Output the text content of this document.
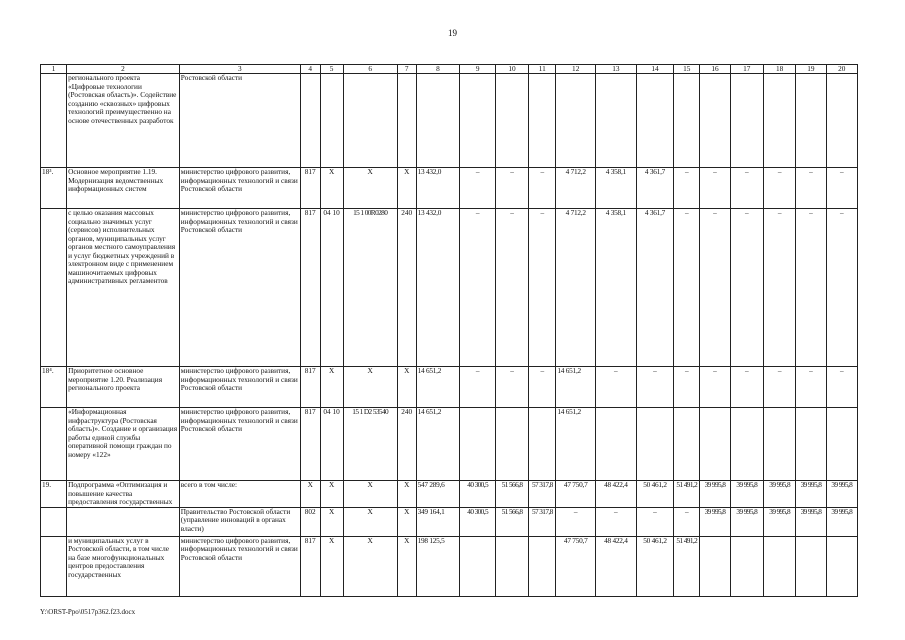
19
1	2	3	4	5	6	7	8	9	10	11	12	13	14	15	16	17	18	19	20
	регионального проекта «Цифровые технологии (Ростовская область)». Содействие созданию «сквозных» цифровых технологий преимущественно на основе отечественных разработок	Ростовской области																	
18³.	Основное мероприятие 1.19. Модернизация ведомственных информационных систем	министерство цифрового развития, информационных технологий и связи Ростовской области	817	Х	Х	Х	13 432,0	–	–	–	4 712,2	4 358,1	4 361,7	–	–	–	–	–	–
	с целью оказания массовых социально значимых услуг (сервисов) исполнительных органов, муниципальных услуг органов местного самоуправления и услуг бюджетных учреждений в электронном виде с применением машиночитаемых цифровых административных регламентов	министерство цифрового развития, информационных технологий и связи Ростовской области	817	04 10	15 1 00R0280	240	13 432,0	–	–	–	4 712,2	4 358,1	4 361,7	–	–	–	–	–	–
18⁴.	Приоритетное основное мероприятие 1.20. Реализация регионального проекта	министерство цифрового развития, информационных технологий и связи Ростовской области	817	Х	Х	Х	14 651,2	–	–	–	14 651,2	–	–	–	–	–	–	–	–
	«Информационная инфраструктура (Ростовская область)». Создание и организация работы единой службы оперативной помощи граждан по номеру «122»	министерство цифрового развития, информационных технологий и связи Ростовской области	817	04 10	15 1 D2 53540	240	14 651,2				14 651,2								
19.	Подпрограмма «Оптимизация и повышение качества предоставления государственных	всего в том числе:	Х	Х	Х	Х	547 289,6	40 300,5	51 566,8	57 317,8	47 750,7	48 422,4	50 461,2	51 491,2	39 995,8	39 995,8	39 995,8	39 995,8	39 995,8
		Правительство Ростовской области (управление инноваций в органах власти)	802	Х	Х	Х	349 164,1	40 300,5	51 566,8	57 317,8	–	–	–	–	39 995,8	39 995,8	39 995,8	39 995,8	39 995,8
	и муниципальных услуг в Ростовской области, в том числе на базе многофункциональных центров предоставления государственных	министерство цифрового развития, информационных технологий и связи Ростовской области	817	Х	Х	Х	198 125,5				47 750,7	48 422,4	50 461,2	51 491,2					
Y:\ORST-Ppo\0517p362.f23.docx
